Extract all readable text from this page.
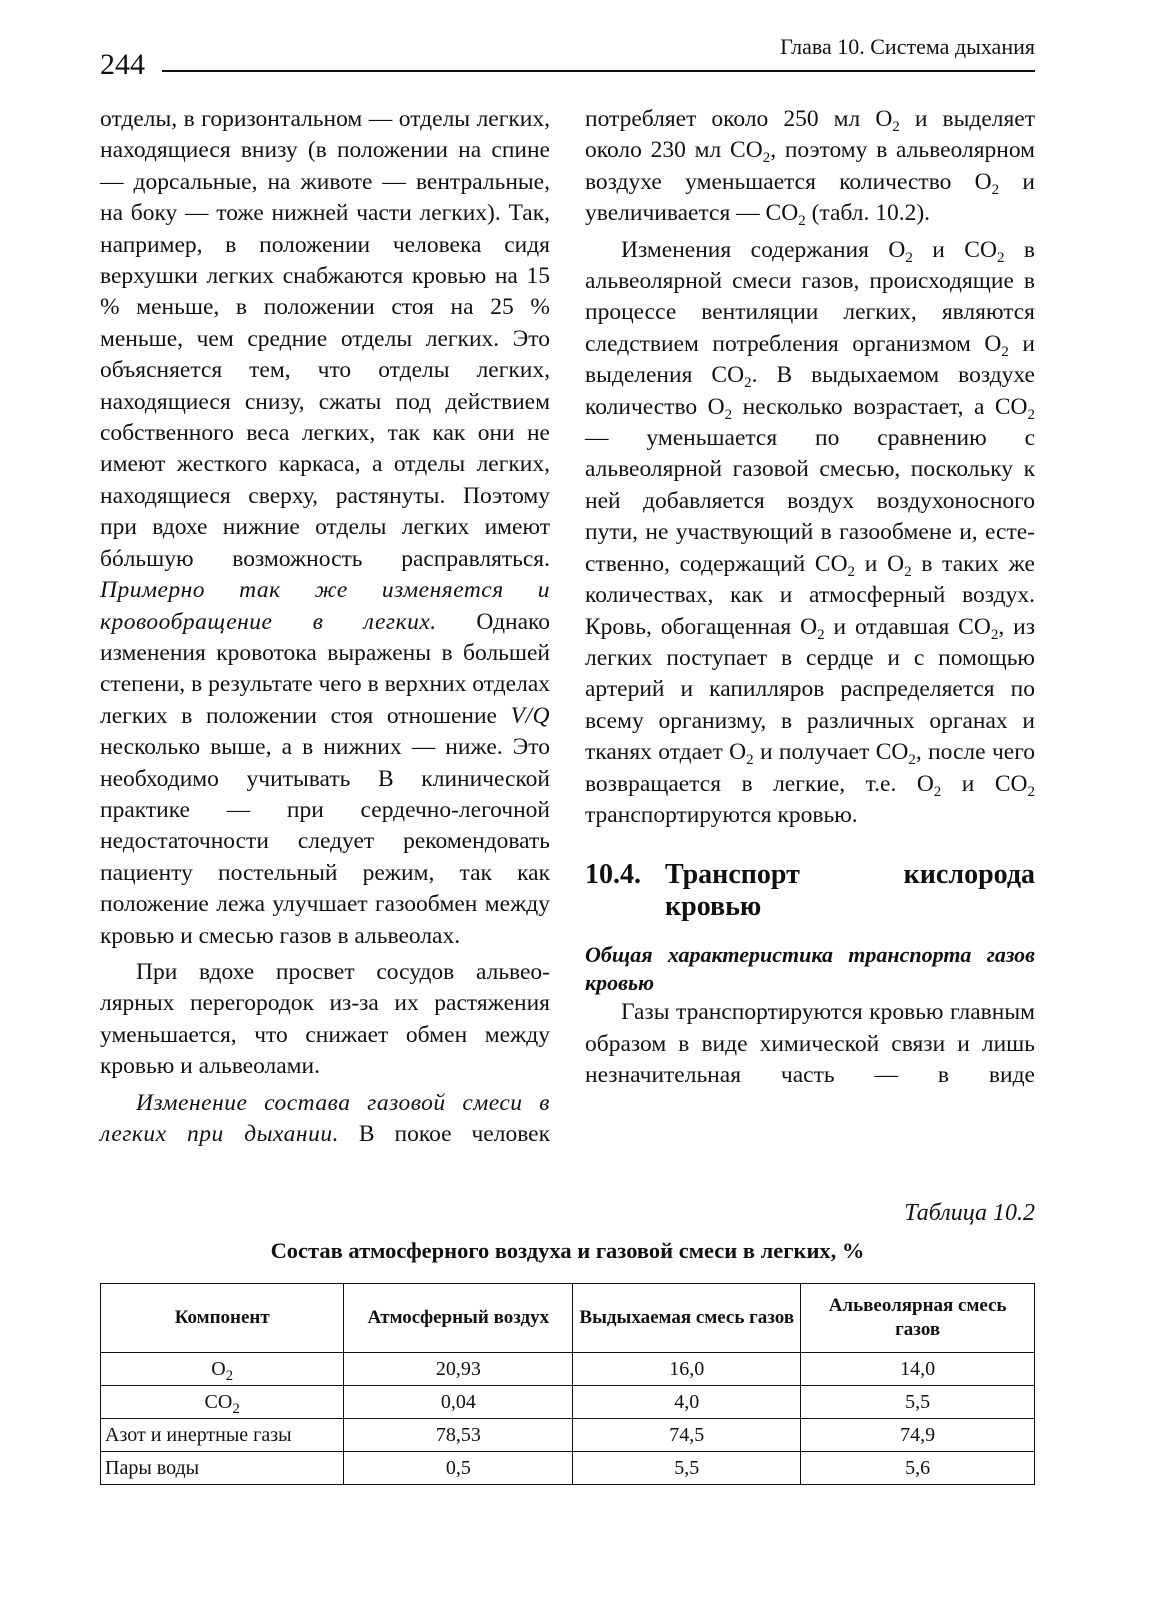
244
Глава 10. Система дыхания

отделы, в горизонтальном — отделы легких, находящиеся внизу (в положении на спине — дорсальные, на животе — вентральные, на боку — тоже нижней части легких). Так, например, в положении человека сидя верхушки легких снабжаются кровью на 15 % меньше, в положении стоя на 25 % меньше, чем средние отделы легких. Это объясняется тем, что отделы легких, находящиеся снизу, сжаты под действием собственного веса легких, так как они не имеют жесткого каркаса, а отделы легких, находящиеся сверху, растянуты. Поэтому при вдохе нижние отделы легких имеют бóльшую возможность расправляться. Примерно так же изменяется и кровообращение в легких. Однако изменения кровотока выражены в большей степени, в результате чего в верхних отделах легких в положении стоя отношение V/Q несколько выше, а в нижних — ниже. Это необходимо учитывать В клинической практике — при сердечно-легочной недостаточности следует рекомендовать пациенту постельный режим, так как положение лежа улучшает газообмен между кровью и смесью газов в альвеолах.

При вдохе просвет сосудов альвеолярных перегородок из-за их растяжения уменьшается, что снижает обмен между кровью и альвеолами.

Изменение состава газовой смеси в легких при дыхании. В покое человек

потребляет около 250 мл $O_2$ и выделяет около 230 мл $CO_2$, поэтому в альвеолярном воздухе уменьшается количество $O_2$ и увеличивается — $CO_2$ (табл. 10.2).

Изменения содержания $O_2$ и $CO_2$ в альвеолярной смеси газов, происходящие в процессе вентиляции легких, являются следствием потребления организмом $O_2$ и выделения $CO_2$. В выдыхаемом воздухе количество $O_2$ несколько возрастает, а $CO_2$ — уменьшается по сравнению с альвеолярной газовой смесью, поскольку к ней добавляется воздух воздухоносного пути, не участвующий в газообмене и, естественно, содержащий $CO_2$ и $O_2$ в таких же количествах, как и атмосферный воздух. Кровь, обогащенная $O_2$ и отдавшая $CO_2$, из легких поступает в сердце и с помощью артерий и капилляров распределяется по всему организму, в различных органах и тканях отдает $O_2$ и получает $CO_2$, после чего возвращается в легкие, т.е. $O_2$ и $CO_2$ транспортируются кровью.

10.4. Транспорт кислорода кровью
Общая характеристика транспорта газов кровью

Газы транспортируются кровью главным образом в виде химической связи и лишь незначительная часть — в виде

Таблица 10.2
Состав атмосферного воздуха и газовой смеси в легких, %
Компонент	Атмосферный воздух	Выдыхаемая смесь газов	Альвеолярная смесь газов
$O_2$	20,93	16,0	14,0
$CO_2$	0,04	4,0	5,5
Азот и инертные газы	78,53	74,5	74,9
Пары воды	0,5	5,5	5,6
